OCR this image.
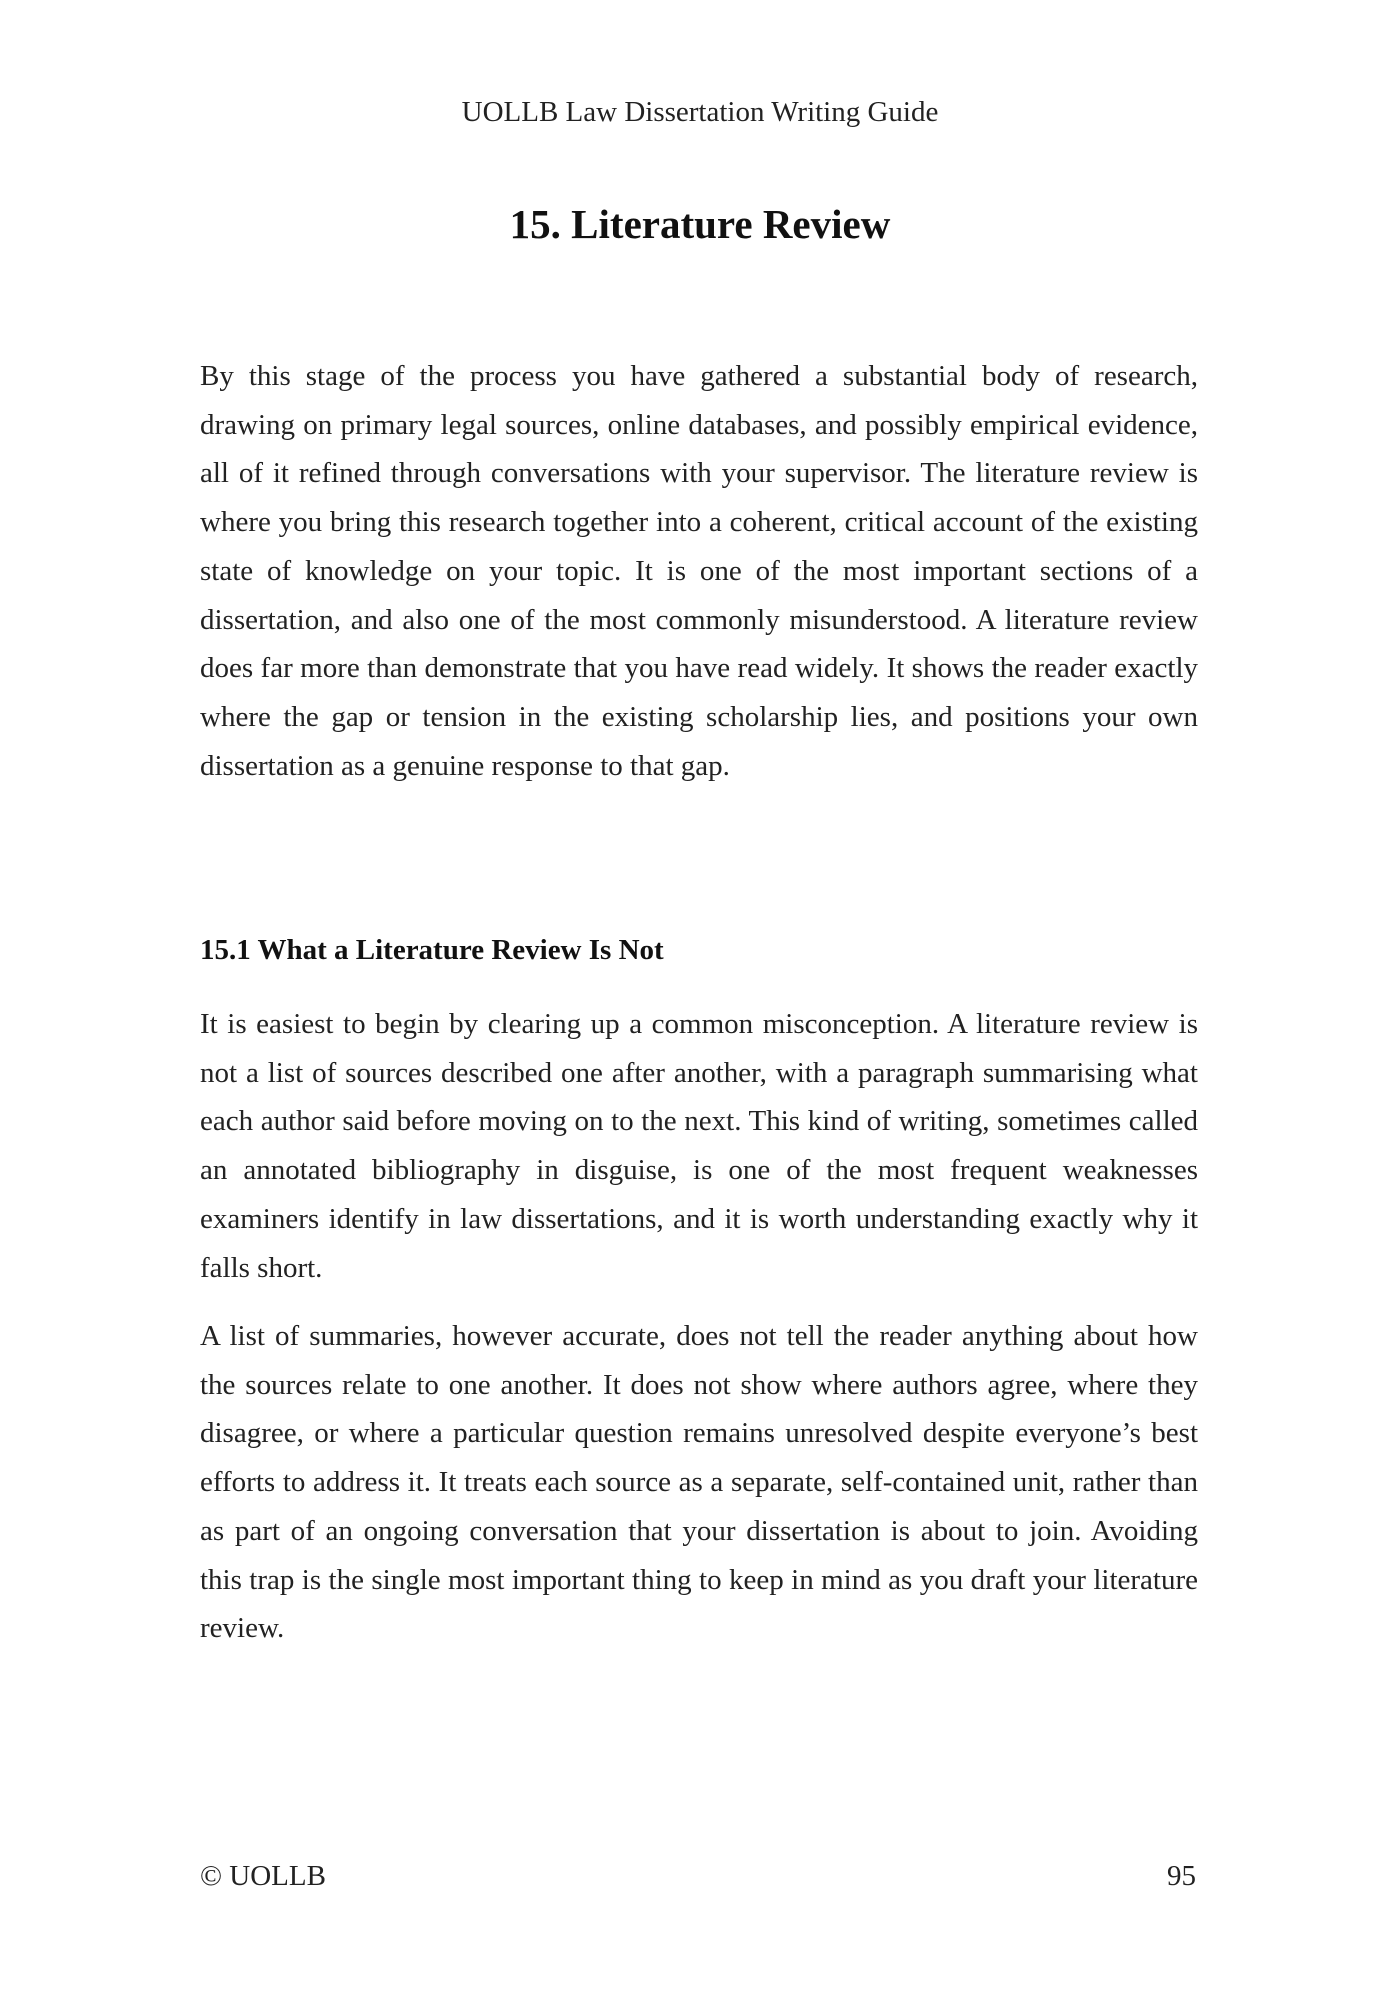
UOLLB Law Dissertation Writing Guide

15. Literature Review

By this stage of the process you have gathered a substantial body of research, drawing on primary legal sources, online databases, and possibly empirical evidence, all of it refined through conversations with your supervisor. The literature review is where you bring this research together into a coherent, critical account of the existing state of knowledge on your topic. It is one of the most important sections of a dissertation, and also one of the most commonly misunderstood. A literature review does far more than demonstrate that you have read widely. It shows the reader exactly where the gap or tension in the existing scholarship lies, and positions your own dissertation as a genuine response to that gap.

15.1 What a Literature Review Is Not

It is easiest to begin by clearing up a common misconception. A literature review is not a list of sources described one after another, with a paragraph summarising what each author said before moving on to the next. This kind of writing, sometimes called an annotated bibliography in disguise, is one of the most frequent weaknesses examiners identify in law dissertations, and it is worth understanding exactly why it falls short.

A list of summaries, however accurate, does not tell the reader anything about how the sources relate to one another. It does not show where authors agree, where they disagree, or where a particular question remains unresolved despite everyone’s best efforts to address it. It treats each source as a separate, self-contained unit, rather than as part of an ongoing conversation that your dissertation is about to join. Avoiding this trap is the single most important thing to keep in mind as you draft your literature review.

© UOLLB	95
